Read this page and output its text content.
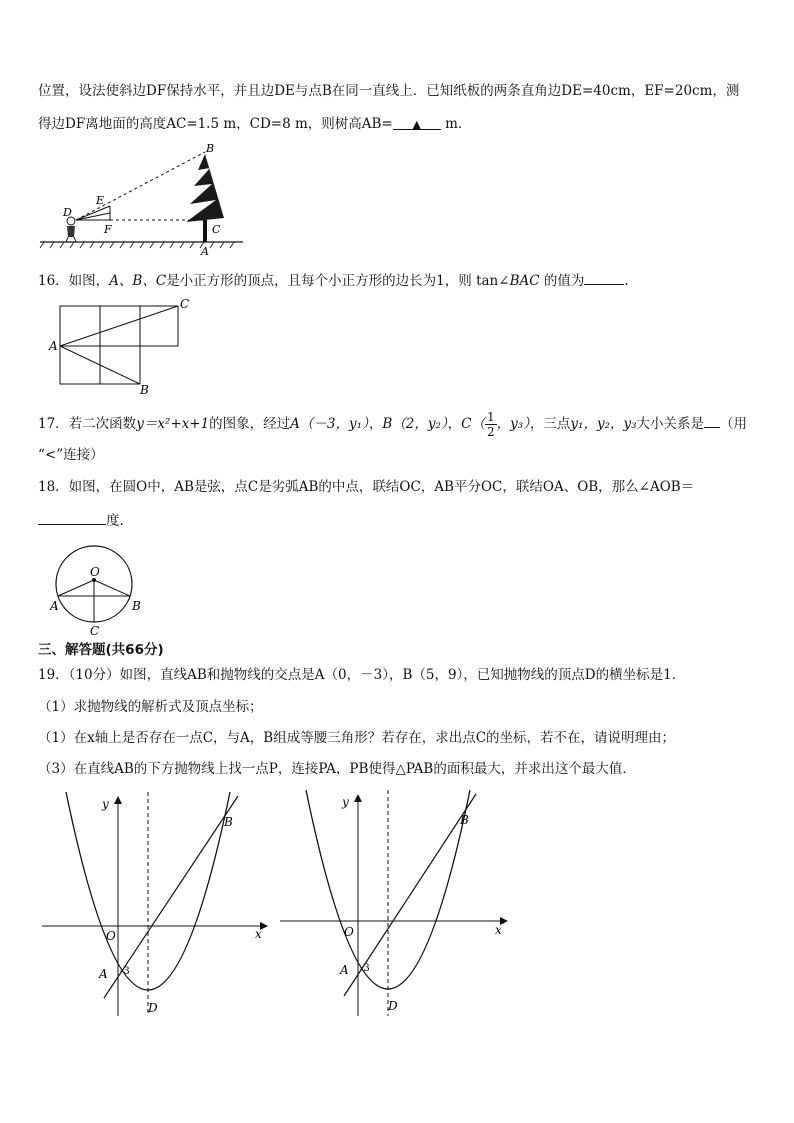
位置，设法使斜边DF保持水平，并且边DE与点B在同一直线上．已知纸板的两条直角边DE=40cm，EF=20cm，测
得边DF离地面的高度AC=1.5 m，CD=8 m，则树高AB= ▲ m．
B
E
D
F	C
A
16．如图，A、B、C是小正方形的顶点，且每个小正方形的边长为1，则 tan∠BAC 的值为	．
A
B
C
17．若二次函数y＝x²+x+1的图象，经过A（－3，y₁），B（2，y₂），$C( \frac{1}{2}$ ，y₃），三点y₁，y₂，y₃大小关系是 （用
“<”连接）
18．如图，在圆O中，AB是弦，点C是劣弧AB的中点，联结OC，AB平分OC，联结OA、OB，那么∠AOB＝
度．
O
A	B
C
三、解答题(共66分)
19．（10分）如图，直线AB和抛物线的交点是A（0，－3），B（5，9），已知抛物线的顶点D的横坐标是1．
（1）求抛物线的解析式及顶点坐标；
（1）在x轴上是否存在一点C，与A，B组成等腰三角形？若存在，求出点C的坐标，若不在，请说明理由；
（3）在直线AB的下方抛物线上找一点P，连接PA，PB使得△PAB的面积最大，并求出这个最大值．
y
x
O
A -3
B
D
y
x
O
A -3
B
D
